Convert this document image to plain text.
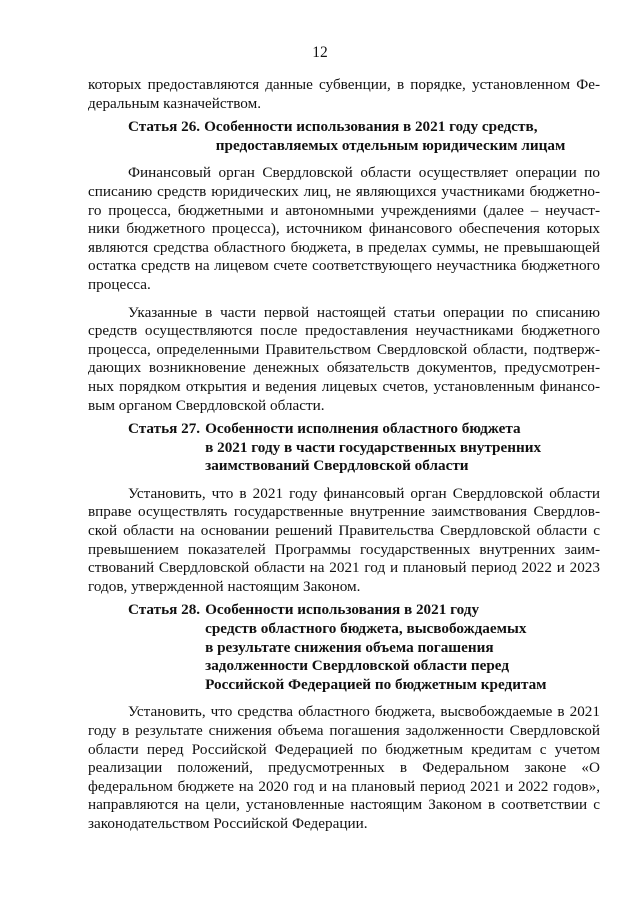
12

которых предоставляются данные субвенции, в порядке, установленном Федеральным казначейством.

Статья 26. Особенности использования в 2021 году средств,
предоставляемых отдельным юридическим лицам

Финансовый орган Свердловской области осуществляет операции по списанию средств юридических лиц, не являющихся участниками бюджетного процесса, бюджетными и автономными учреждениями (далее – неучастники бюджетного процесса), источником финансового обеспечения которых являются средства областного бюджета, в пределах суммы, не превышающей остатка средств на лицевом счете соответствующего неучастника бюджетного процесса.

Указанные в части первой настоящей статьи операции по списанию средств осуществляются после предоставления неучастниками бюджетного процесса, определенными Правительством Свердловской области, подтверждающих возникновение денежных обязательств документов, предусмотренных порядком открытия и ведения лицевых счетов, установленным финансовым органом Свердловской области.

Статья 27. Особенности исполнения областного бюджета
в 2021 году в части государственных внутренних
заимствований Свердловской области

Установить, что в 2021 году финансовый орган Свердловской области вправе осуществлять государственные внутренние заимствования Свердловской области на основании решений Правительства Свердловской области с превышением показателей Программы государственных внутренних заимствований Свердловской области на 2021 год и плановый период 2022 и 2023 годов, утвержденной настоящим Законом.

Статья 28. Особенности использования в 2021 году
средств областного бюджета, высвобождаемых
в результате снижения объема погашения
задолженности Свердловской области перед
Российской Федерацией по бюджетным кредитам

Установить, что средства областного бюджета, высвобождаемые в 2021 году в результате снижения объема погашения задолженности Свердловской области перед Российской Федерацией по бюджетным кредитам с учетом реализации положений, предусмотренных в Федеральном законе «О федеральном бюджете на 2020 год и на плановый период 2021 и 2022 годов», направляются на цели, установленные настоящим Законом в соответствии с законодательством Российской Федерации.
